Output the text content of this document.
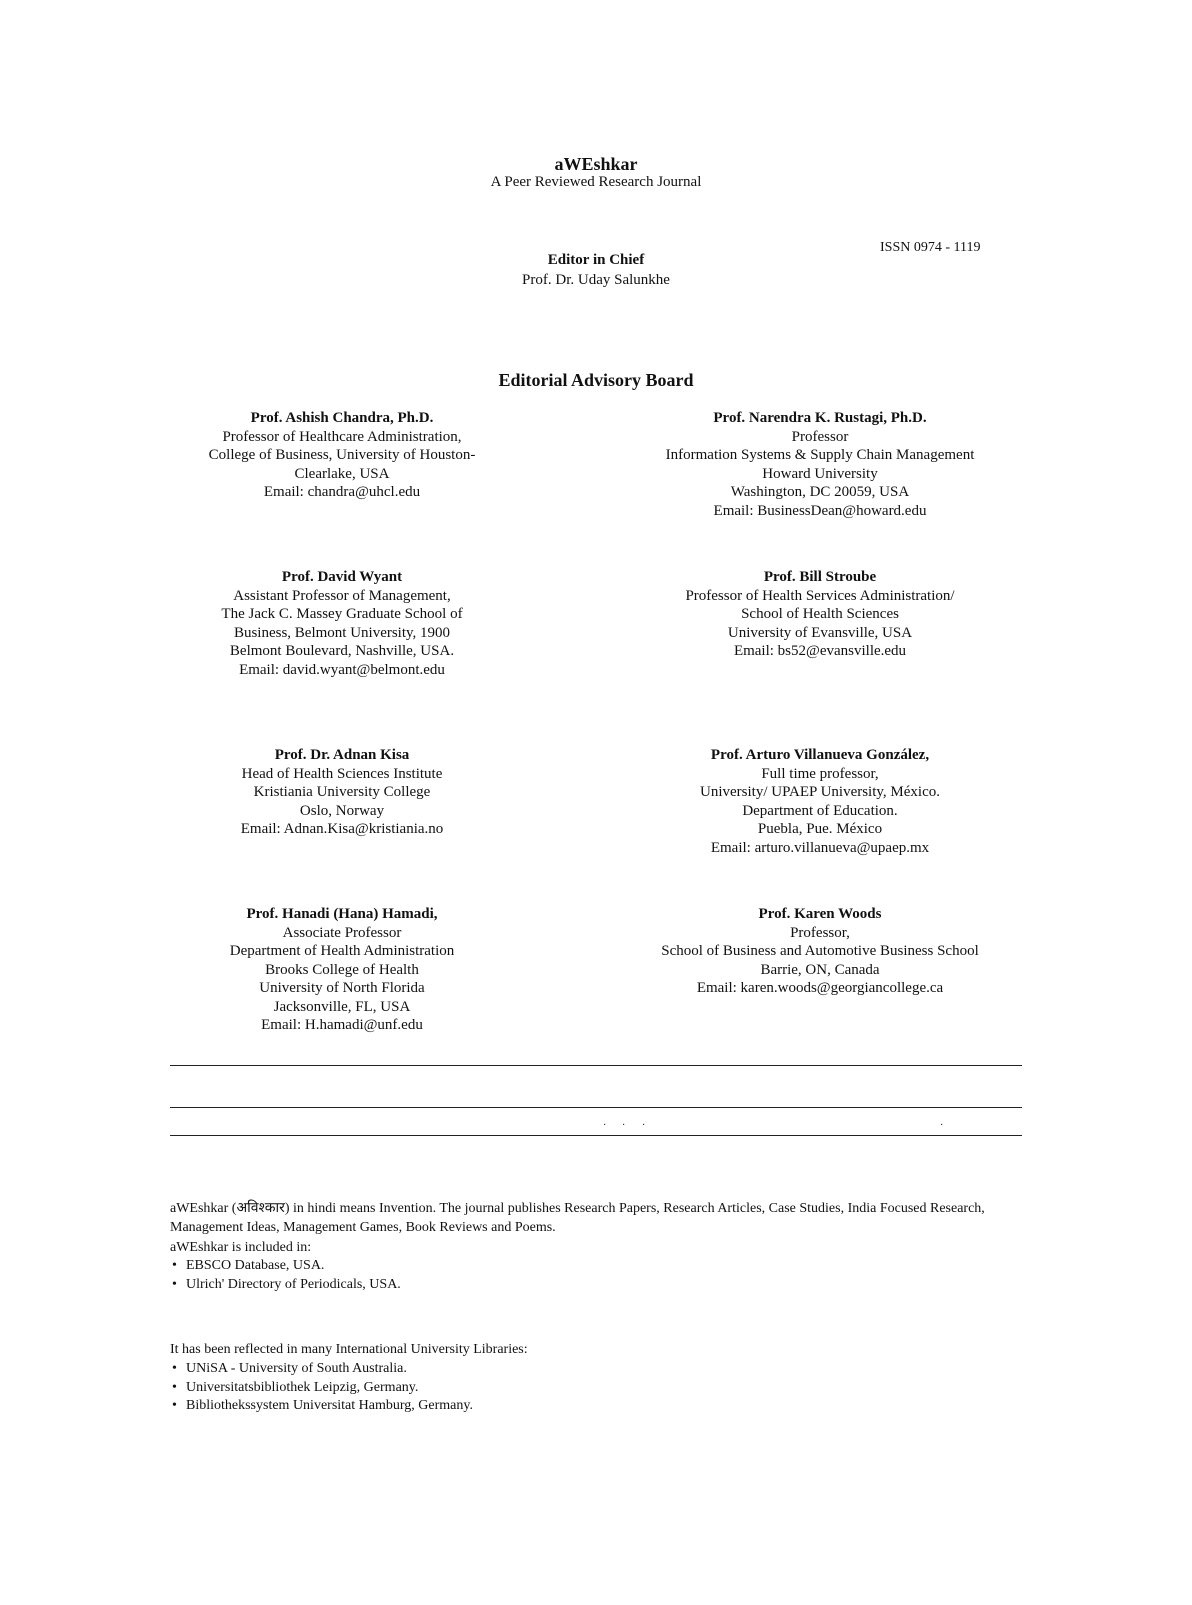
aWEshkar
A Peer Reviewed Research Journal
ISSN 0974 - 1119
Editor in Chief
Prof. Dr. Uday Salunkhe
Editorial Advisory Board
Prof. Ashish Chandra, Ph.D.
Professor of Healthcare Administration,
College of Business, University of Houston-
Clearlake, USA
Email: chandra@uhcl.edu
Prof. Narendra K. Rustagi, Ph.D.
Professor
Information Systems & Supply Chain Management
Howard University
Washington, DC 20059, USA
Email: BusinessDean@howard.edu
Prof. David Wyant
Assistant Professor of Management,
The Jack C. Massey Graduate School of
Business, Belmont University, 1900
Belmont Boulevard, Nashville, USA.
Email: david.wyant@belmont.edu
Prof. Bill Stroube
Professor of Health Services Administration/
School of Health Sciences
University of Evansville, USA
Email: bs52@evansville.edu
Prof. Dr. Adnan Kisa
Head of Health Sciences Institute
Kristiania University College
Oslo, Norway
Email: Adnan.Kisa@kristiania.no
Prof. Arturo Villanueva González,
Full time professor,
University/ UPAEP University, México.
Department of Education.
Puebla, Pue. México
Email: arturo.villanueva@upaep.mx
Prof. Hanadi (Hana) Hamadi,
Associate Professor
Department of Health Administration
Brooks College of Health
University of North Florida
Jacksonville, FL, USA
Email: H.hamadi@unf.edu
Prof. Karen Woods
Professor,
School of Business and Automotive Business School
Barrie, ON, Canada
Email: karen.woods@georgiancollege.ca
· · ·	·
aWEshkar (अविश्कार) in hindi means Invention. The journal publishes Research Papers, Research Articles, Case Studies, India Focused Research, Management Ideas, Management Games, Book Reviews and Poems.
aWEshkar is included in:
• EBSCO Database, USA.
• Ulrich' Directory of Periodicals, USA.
It has been reflected in many International University Libraries:
• UNiSA - University of South Australia.
• Universitatsbibliothek Leipzig, Germany.
• Bibliothekssystem Universitat Hamburg, Germany.
